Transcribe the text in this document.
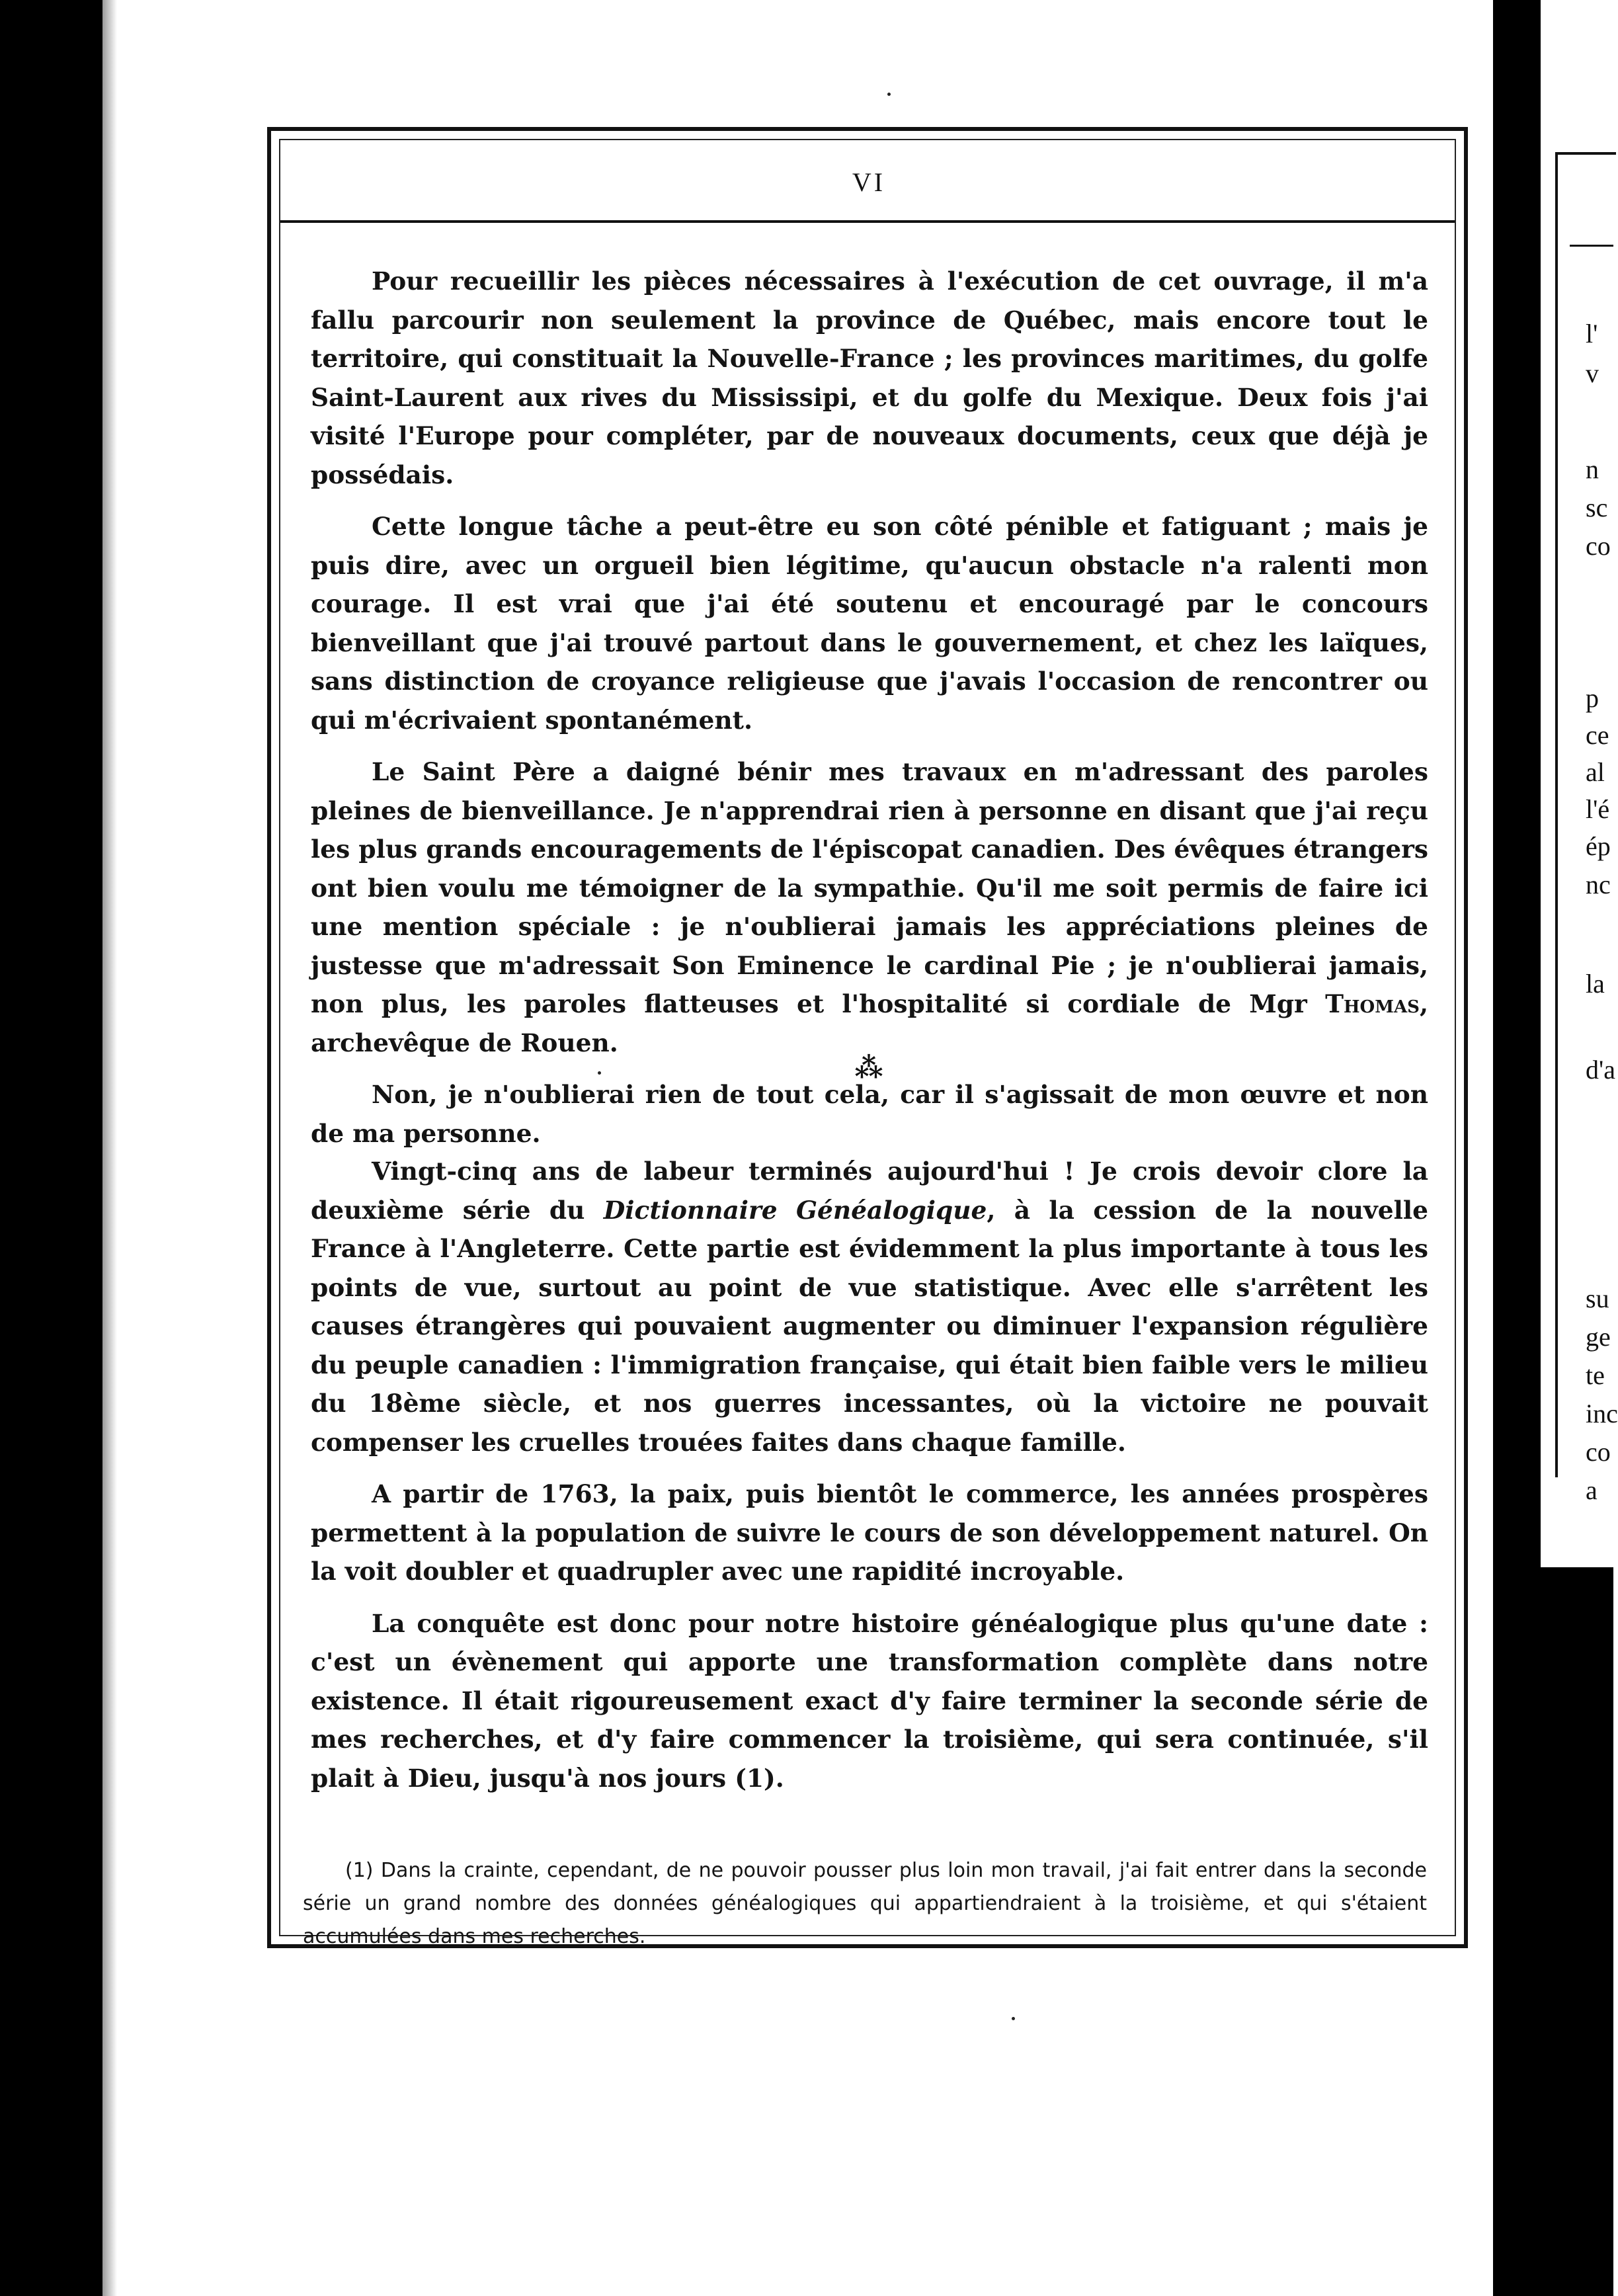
l'
v
n
sc
co
p
ce
al
l'é
ép
nc
la
d'a
su
ge
te
inc
co
a
VI

Pour recueillir les pièces nécessaires à l'exécution de cet ouvrage, il m'a fallu parcourir non seulement la province de Québec, mais encore tout le territoire, qui constituait la Nouvelle-France ; les provinces maritimes, du golfe Saint-Laurent aux rives du Mississipi, et du golfe du Mexique. Deux fois j'ai visité l'Europe pour compléter, par de nouveaux documents, ceux que déjà je possédais.

Cette longue tâche a peut-être eu son côté pénible et fatiguant ; mais je puis dire, avec un orgueil bien légitime, qu'aucun obstacle n'a ralenti mon courage. Il est vrai que j'ai été soutenu et encouragé par le concours bienveillant que j'ai trouvé partout dans le gouvernement, et chez les laïques, sans distinction de croyance religieuse que j'avais l'occasion de rencontrer ou qui m'écrivaient spontanément.

Le Saint Père a daigné bénir mes travaux en m'adressant des paroles pleines de bienveillance. Je n'apprendrai rien à personne en disant que j'ai reçu les plus grands encouragements de l'épiscopat canadien. Des évêques étrangers ont bien voulu me témoigner de la sympathie. Qu'il me soit permis de faire ici une mention spéciale : je n'oublierai jamais les appréciations pleines de justesse que m'adressait Son Eminence le cardinal Pie ; je n'oublierai jamais, non plus, les paroles flatteuses et l'hospitalité si cordiale de Mgr Thomas, archevêque de Rouen.

Non, je n'oublierai rien de tout cela, car il s'agissait de mon œuvre et non de ma personne.

⁂

Vingt-cinq ans de labeur terminés aujourd'hui ! Je crois devoir clore la deuxième série du Dictionnaire Généalogique, à la cession de la nouvelle France à l'Angleterre. Cette partie est évidemment la plus importante à tous les points de vue, surtout au point de vue statistique. Avec elle s'arrêtent les causes étrangères qui pouvaient augmenter ou diminuer l'expansion régulière du peuple canadien : l'immigration française, qui était bien faible vers le milieu du 18ème siècle, et nos guerres incessantes, où la victoire ne pouvait compenser les cruelles trouées faites dans chaque famille.

A partir de 1763, la paix, puis bientôt le commerce, les années prospères permettent à la population de suivre le cours de son développement naturel. On la voit doubler et quadrupler avec une rapidité incroyable.

La conquête est donc pour notre histoire généalogique plus qu'une date : c'est un évènement qui apporte une transformation complète dans notre existence. Il était rigoureusement exact d'y faire terminer la seconde série de mes recherches, et d'y faire commencer la troisième, qui sera continuée, s'il plait à Dieu, jusqu'à nos jours (1).

(1) Dans la crainte, cependant, de ne pouvoir pousser plus loin mon travail, j'ai fait entrer dans la seconde série un grand nombre des données généalogiques qui appartiendraient à la troisième, et qui s'étaient accumulées dans mes recherches.
